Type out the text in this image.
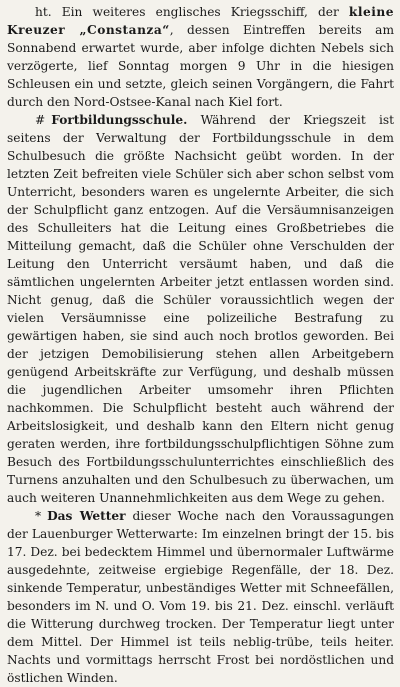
ht. Ein weiteres englisches Kriegsschiff, der kleine Kreuzer „Constanza“, dessen Eintreffen bereits am Sonnabend erwartet wurde, aber infolge dichten Nebels sich verzögerte, lief Sonntag morgen 9 Uhr in die hiesigen Schleusen ein und setzte, gleich seinen Vorgängern, die Fahrt durch den Nord-Ostsee-Kanal nach Kiel fort.

# Fortbildungsschule. Während der Kriegszeit ist seitens der Verwaltung der Fortbildungsschule in dem Schulbesuch die größte Nachsicht geübt worden. In der letzten Zeit befreiten viele Schüler sich aber schon selbst vom Unterricht, besonders waren es ungelernte Arbeiter, die sich der Schulpflicht ganz entzogen. Auf die Versäumnisanzeigen des Schulleiters hat die Leitung eines Großbetriebes die Mitteilung gemacht, daß die Schüler ohne Verschulden der Leitung den Unterricht versäumt haben, und daß die sämtlichen ungelernten Arbeiter jetzt entlassen worden sind. Nicht genug, daß die Schüler voraussichtlich wegen der vielen Versäumnisse eine polizeiliche Bestrafung zu gewärtigen haben, sie sind auch noch brotlos geworden. Bei der jetzigen Demobilisierung stehen allen Arbeitgebern genügend Arbeitskräfte zur Verfügung, und deshalb müssen die jugendlichen Arbeiter umsomehr ihren Pflichten nachkommen. Die Schulpflicht besteht auch während der Arbeitslosigkeit, und deshalb kann den Eltern nicht genug geraten werden, ihre fortbildungsschulpflichtigen Söhne zum Besuch des Fortbildungsschulunterrichtes einschließlich des Turnens anzuhalten und den Schulbesuch zu überwachen, um auch weiteren Unannehmlichkeiten aus dem Wege zu gehen.

* Das Wetter dieser Woche nach den Voraussagungen der Lauenburger Wetterwarte: Im einzelnen bringt der 15. bis 17. Dez. bei bedecktem Himmel und übernormaler Luftwärme ausgedehnte, zeitweise ergiebige Regenfälle, der 18. Dez. sinkende Temperatur, unbeständiges Wetter mit Schneefällen, besonders im N. und O. Vom 19. bis 21. Dez. einschl. verläuft die Witterung durchweg trocken. Der Temperatur liegt unter dem Mittel. Der Himmel ist teils neblig-trübe, teils heiter. Nachts und vormittags herrscht Frost bei nordöstlichen und östlichen Winden.
